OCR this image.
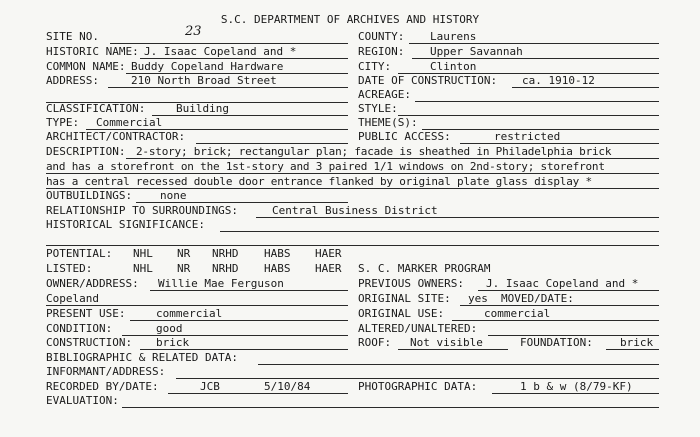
S.C. DEPARTMENT OF ARCHIVES AND HISTORY
SITE NO.	23	COUNTY: Laurens
HISTORIC NAME: J. Isaac Copeland and *	REGION: Upper Savannah
COMMON NAME: Buddy Copeland Hardware	CITY:	Clinton
ADDRESS:	210 North Broad Street	DATE OF CONSTRUCTION: ca. 1910-12
ACREAGE:
CLASSIFICATION:	Building	STYLE:
TYPE: Commercial	THEME(S):
ARCHITECT/CONTRACTOR:	PUBLIC ACCESS:	restricted
DESCRIPTION: 2-story; brick; rectangular plan; facade is sheathed in Philadelphia brick
and has a storefront on the 1st-story and 3 paired 1/1 windows on 2nd-story; storefront
has a central recessed double door entrance flanked by original plate glass display *
OUTBUILDINGS:	none
RELATIONSHIP TO SURROUNDINGS:	Central Business District
HISTORICAL SIGNIFICANCE:
POTENTIAL: NHL NR NRHD HABS HAER
LISTED:	NHL NR NRHD HABS HAER S. C. MARKER PROGRAM
OWNER/ADDRESS: Willie Mae Ferguson	PREVIOUS OWNERS: J. Isaac Copeland and *
Copeland	ORIGINAL SITE: yes MOVED/DATE:
PRESENT USE:	commercial	ORIGINAL USE:	commercial
CONDITION:	good	ALTERED/UNALTERED:
CONSTRUCTION: brick	ROOF: Not visible	FOUNDATION: brick
BIBLIOGRAPHIC & RELATED DATA:
INFORMANT/ADDRESS:
RECORDED BY/DATE:	JCB	5/10/84	PHOTOGRAPHIC DATA:	1 b & w (8/79-KF)
EVALUATION:
